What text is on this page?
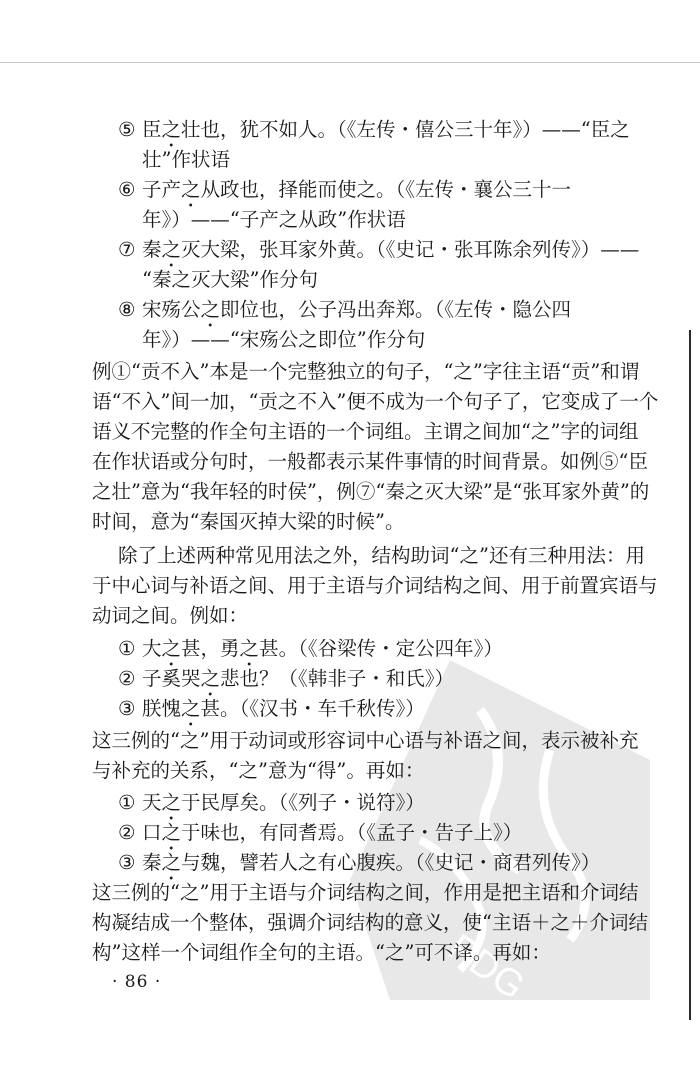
PDG
⑤ 臣之壮也，犹不如人。（《左传・僖公三十年》）——“臣之
壮”作状语
⑥ 子产之从政也，择能而使之。（《左传・襄公三十一
年》）——“子产之从政”作状语
⑦ 秦之灭大梁，张耳家外黄。（《史记・张耳陈余列传》）——
“秦之灭大梁”作分句
⑧ 宋殇公之即位也，公子冯出奔郑。（《左传・隐公四
年》）——“宋殇公之即位”作分句
例①“贡不入”本是一个完整独立的句子，“之”字往主语“贡”和谓
语“不入”间一加，“贡之不入”便不成为一个句子了，它变成了一个
语义不完整的作全句主语的一个词组。主谓之间加“之”字的词组
在作状语或分句时，一般都表示某件事情的时间背景。如例⑤“臣
之壮”意为“我年轻的时侯”，例⑦“秦之灭大梁”是“张耳家外黄”的
时间，意为“秦国灭掉大梁的时候”。
除了上述两种常见用法之外，结构助词“之”还有三种用法：用
于中心词与补语之间、用于主语与介词结构之间、用于前置宾语与
动词之间。例如：
① 大之甚，勇之甚。（《谷梁传・定公四年》）
② 子奚哭之悲也？（《韩非子・和氏》）
③ 朕愧之甚。（《汉书・车千秋传》）
这三例的“之”用于动词或形容词中心语与补语之间，表示被补充
与补充的关系，“之”意为“得”。再如：
① 天之于民厚矣。（《列子・说符》）
② 口之于味也，有同耆焉。（《孟子・告子上》）
③ 秦之与魏，譬若人之有心腹疾。（《史记・商君列传》）
这三例的“之”用于主语与介词结构之间，作用是把主语和介词结
构凝结成一个整体，强调介词结构的意义，使“主语＋之＋介词结
构”这样一个词组作全句的主语。“之”可不译。再如：
· 86 ·
